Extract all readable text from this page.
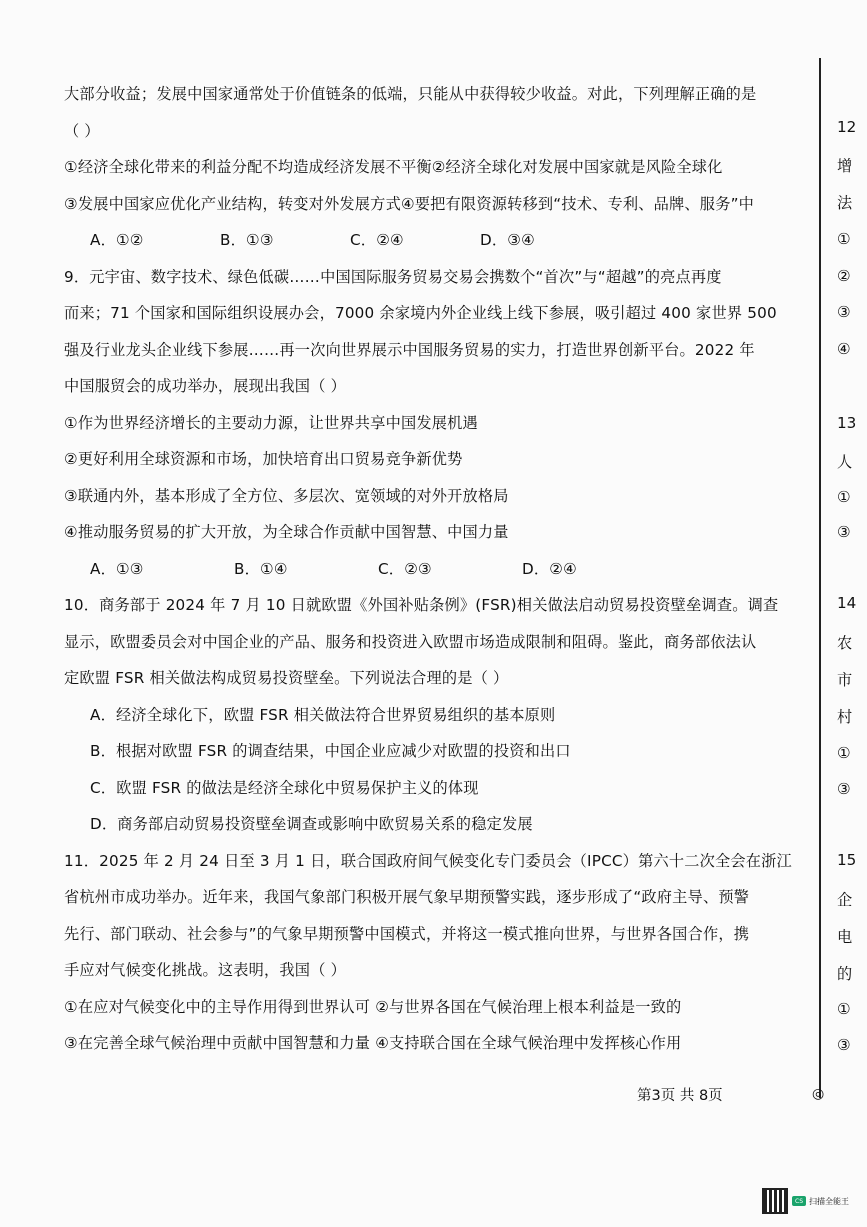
大部分收益；发展中国家通常处于价值链条的低端，只能从中获得较少收益。对此，下列理解正确的是
（ ）
①经济全球化带来的利益分配不均造成经济发展不平衡②经济全球化对发展中国家就是风险全球化
③发展中国家应优化产业结构，转变对外发展方式④要把有限资源转移到“技术、专利、品牌、服务”中
A．①②	B．①③	C．②④	D．③④
9．元宇宙、数字技术、绿色低碳……中国国际服务贸易交易会携数个“首次”与“超越”的亮点再度
而来；71 个国家和国际组织设展办会，7000 余家境内外企业线上线下参展，吸引超过 400 家世界 500
强及行业龙头企业线下参展……再一次向世界展示中国服务贸易的实力，打造世界创新平台。2022 年
中国服贸会的成功举办，展现出我国（ ）
①作为世界经济增长的主要动力源，让世界共享中国发展机遇
②更好利用全球资源和市场，加快培育出口贸易竞争新优势
③联通内外，基本形成了全方位、多层次、宽领域的对外开放格局
④推动服务贸易的扩大开放，为全球合作贡献中国智慧、中国力量
A．①③	B．①④	C．②③	D．②④
10．商务部于 2024 年 7 月 10 日就欧盟《外国补贴条例》(FSR)相关做法启动贸易投资壁垒调查。调查
显示，欧盟委员会对中国企业的产品、服务和投资进入欧盟市场造成限制和阻碍。鉴此，商务部依法认
定欧盟 FSR 相关做法构成贸易投资壁垒。下列说法合理的是（ ）
A．经济全球化下，欧盟 FSR 相关做法符合世界贸易组织的基本原则
B．根据对欧盟 FSR 的调查结果，中国企业应减少对欧盟的投资和出口
C．欧盟 FSR 的做法是经济全球化中贸易保护主义的体现
D．商务部启动贸易投资壁垒调查或影响中欧贸易关系的稳定发展
11．2025 年 2 月 24 日至 3 月 1 日，联合国政府间气候变化专门委员会（IPCC）第六十二次全会在浙江
省杭州市成功举办。近年来，我国气象部门积极开展气象早期预警实践，逐步形成了“政府主导、预警
先行、部门联动、社会参与”的气象早期预警中国模式，并将这一模式推向世界，与世界各国合作，携
手应对气候变化挑战。这表明，我国（ ）
①在应对气候变化中的主导作用得到世界认可 ②与世界各国在气候治理上根本利益是一致的
③在完善全球气候治理中贡献中国智慧和力量 ④支持联合国在全球气候治理中发挥核心作用
12
增
法
①
②
③
④
13
人
①
③
14
农
市
村
①
③
15
企
电
的
①
③
第3页 共 8页	◎
CS 扫描全能王
